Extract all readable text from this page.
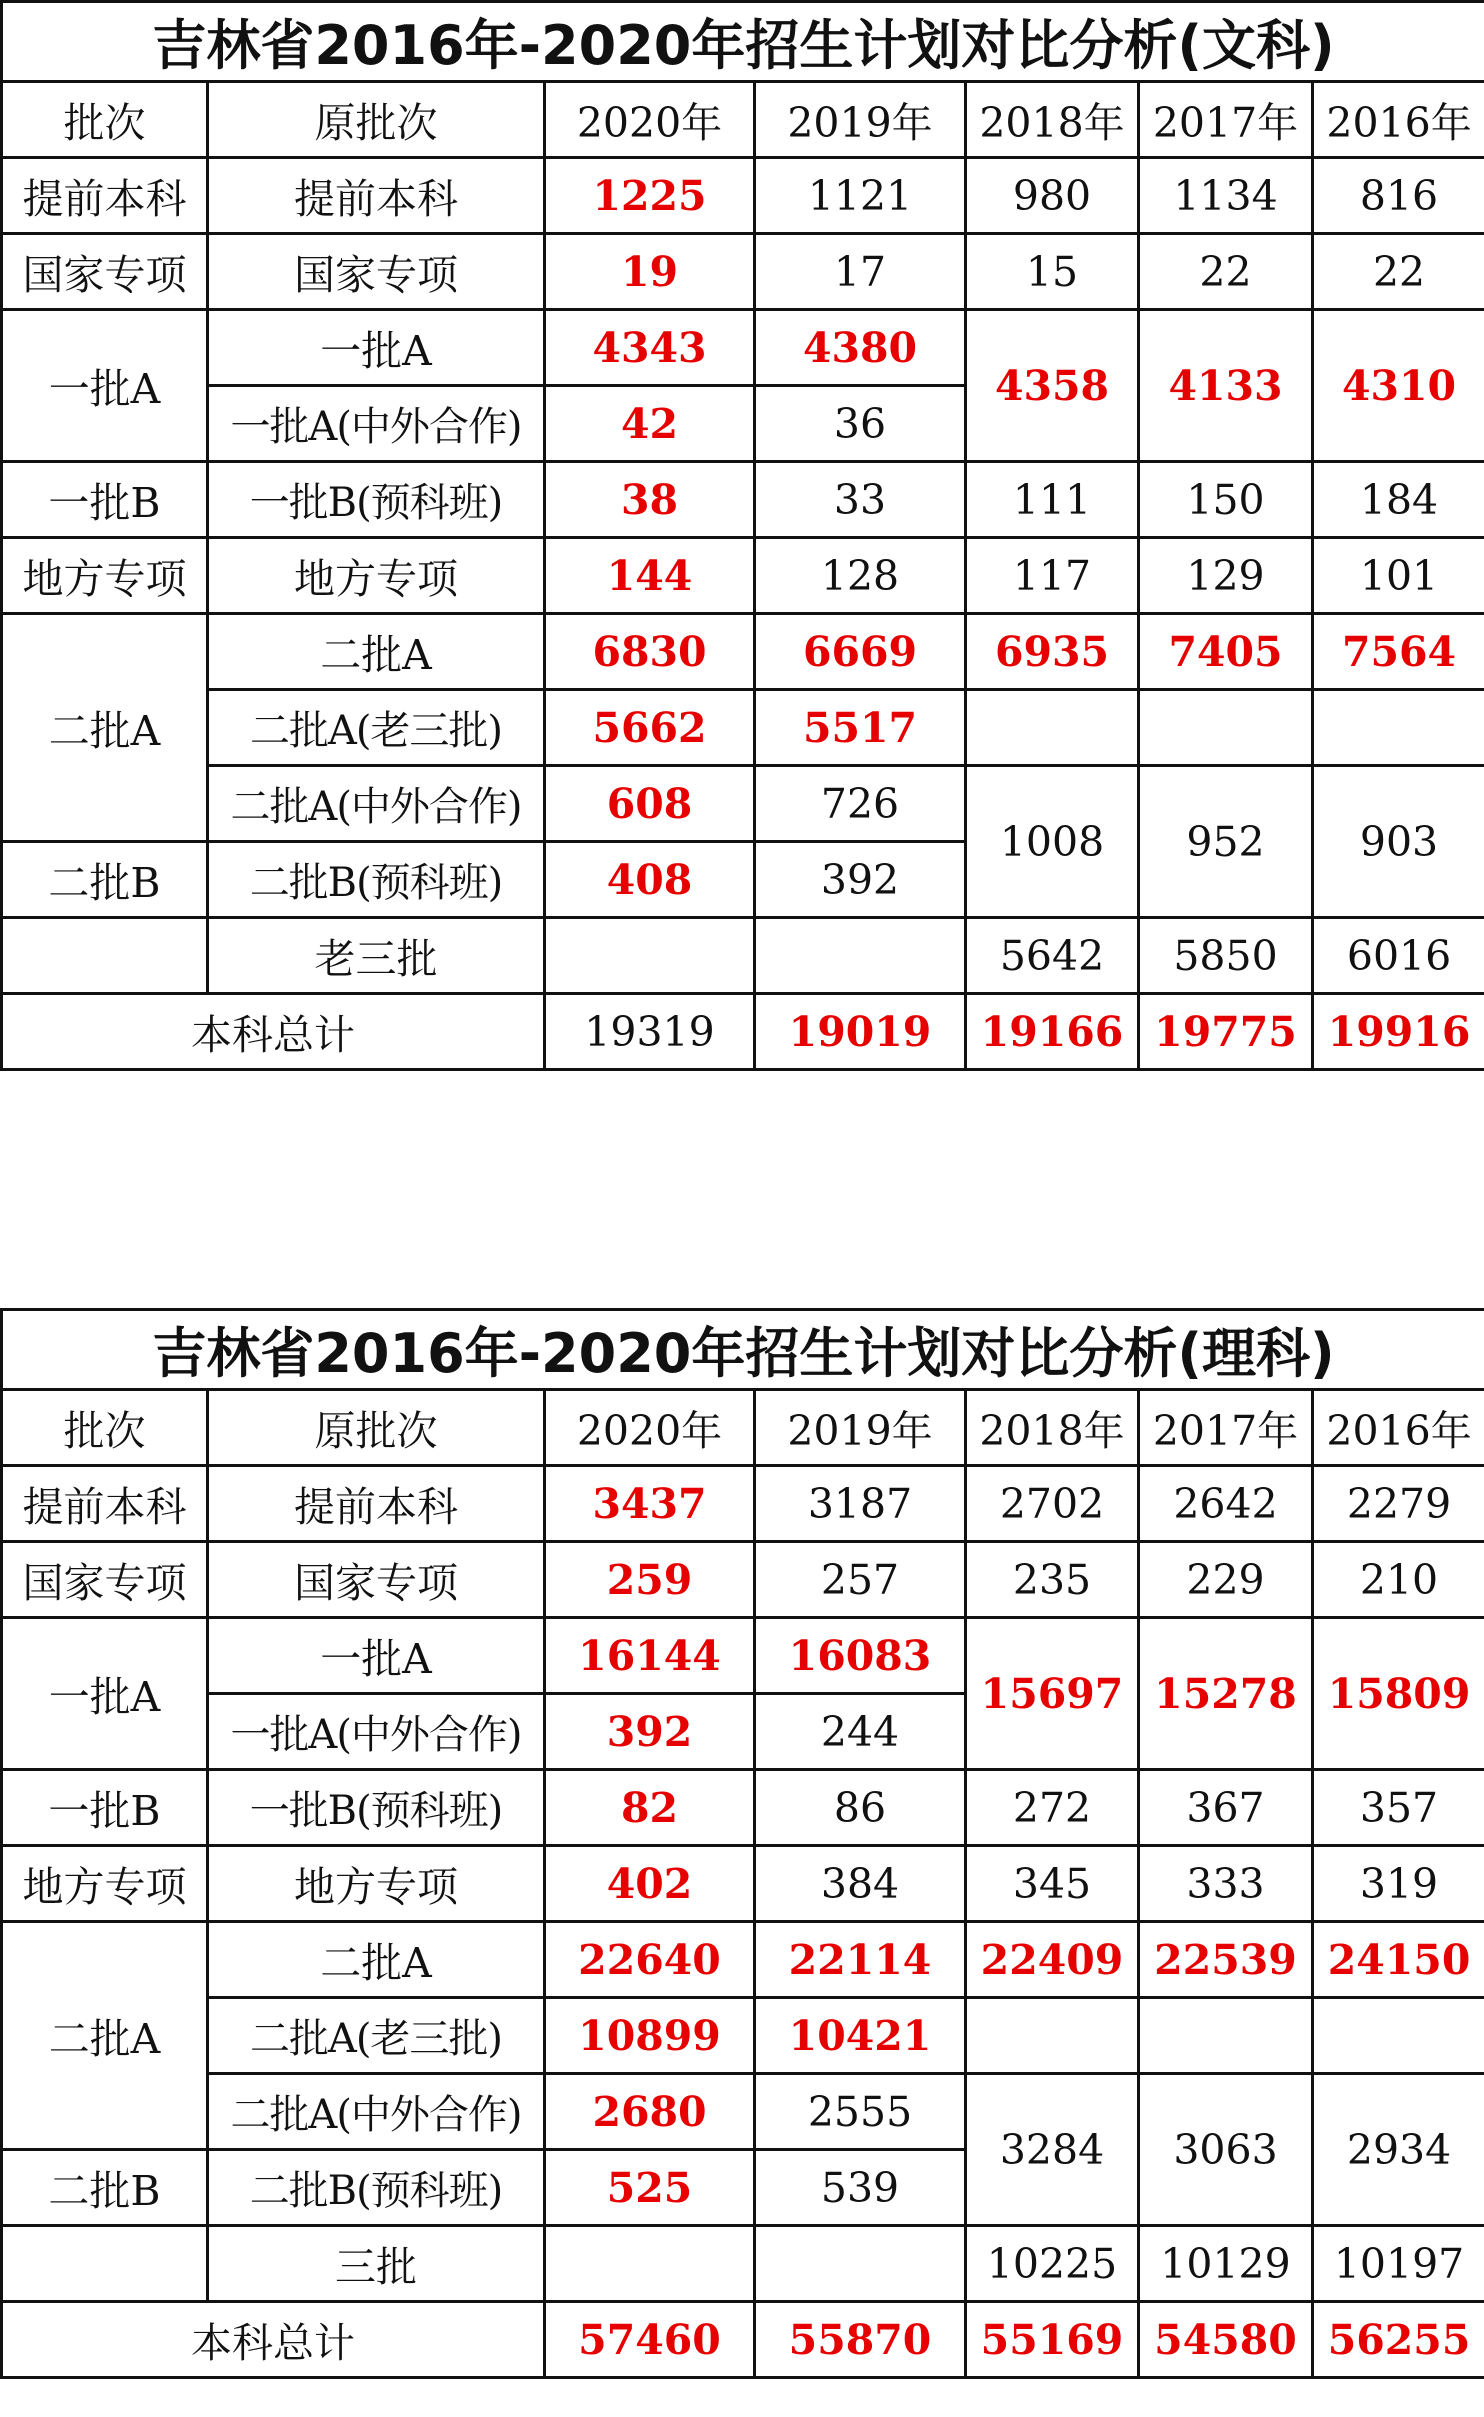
吉林省2016年-2020年招生计划对比分析(文科)						
批次	原批次	2020年	2019年	2018年	2017年	2016年
提前本科	提前本科	1225	1121	980	1134	816
国家专项	国家专项	19	17	15	22	22
一批A	一批A	4343	4380	4358	4133	4310
	一批A(中外合作)	42	36			
一批B	一批B(预科班)	38	33	111	150	184
地方专项	地方专项	144	128	117	129	101
二批A	二批A	6830	6669	6935	7405	7564
	二批A(老三批)	5662	5517			
	二批A(中外合作)	608	726	1008	952	903
二批B	二批B(预科班)	408	392			
	老三批			5642	5850	6016
本科总计		19319	19019	19166	19775	19916
吉林省2016年-2020年招生计划对比分析(理科)						
批次	原批次	2020年	2019年	2018年	2017年	2016年
提前本科	提前本科	3437	3187	2702	2642	2279
国家专项	国家专项	259	257	235	229	210
一批A	一批A	16144	16083	15697	15278	15809
	一批A(中外合作)	392	244			
一批B	一批B(预科班)	82	86	272	367	357
地方专项	地方专项	402	384	345	333	319
二批A	二批A	22640	22114	22409	22539	24150
	二批A(老三批)	10899	10421			
	二批A(中外合作)	2680	2555	3284	3063	2934
二批B	二批B(预科班)	525	539			
	三批			10225	10129	10197
本科总计		57460	55870	55169	54580	56255
